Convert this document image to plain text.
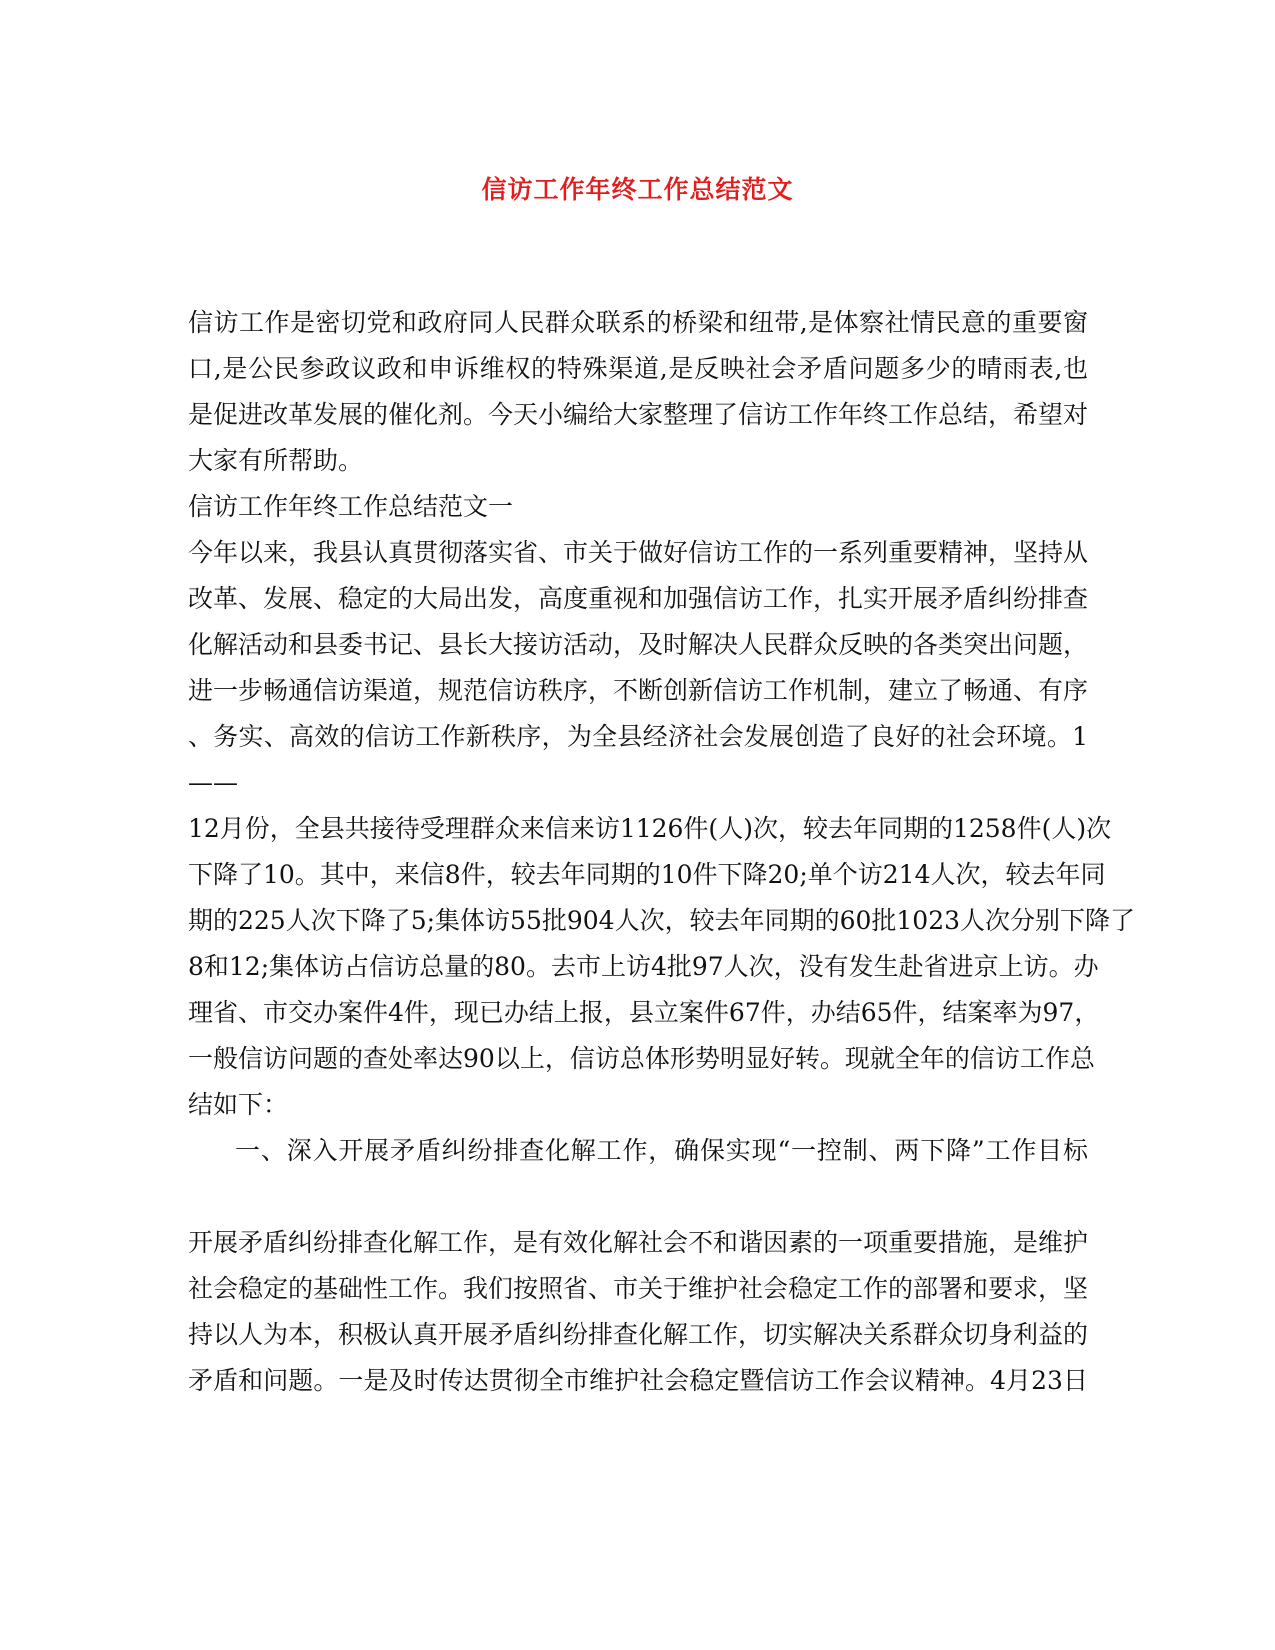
信访工作年终工作总结范文
信访工作是密切党和政府同人民群众联系的桥梁和纽带,是体察社情民意的重要窗
口,是公民参政议政和申诉维权的特殊渠道,是反映社会矛盾问题多少的晴雨表,也
是促进改革发展的催化剂。今天小编给大家整理了信访工作年终工作总结，希望对
大家有所帮助。
信访工作年终工作总结范文一
今年以来，我县认真贯彻落实省、市关于做好信访工作的一系列重要精神，坚持从
改革、发展、稳定的大局出发，高度重视和加强信访工作，扎实开展矛盾纠纷排查
化解活动和县委书记、县长大接访活动，及时解决人民群众反映的各类突出问题，
进一步畅通信访渠道，规范信访秩序，不断创新信访工作机制，建立了畅通、有序
、务实、高效的信访工作新秩序，为全县经济社会发展创造了良好的社会环境。1
——
12月份，全县共接待受理群众来信来访1126件(人)次，较去年同期的1258件(人)次
下降了10。其中，来信8件，较去年同期的10件下降20;单个访214人次，较去年同
期的225人次下降了5;集体访55批904人次，较去年同期的60批1023人次分别下降了
8和12;集体访占信访总量的80。去市上访4批97人次，没有发生赴省进京上访。办
理省、市交办案件4件，现已办结上报，县立案件67件，办结65件，结案率为97，
一般信访问题的查处率达90以上，信访总体形势明显好转。现就全年的信访工作总
结如下：
一、深入开展矛盾纠纷排查化解工作，确保实现“一控制、两下降”工作目标
开展矛盾纠纷排查化解工作，是有效化解社会不和谐因素的一项重要措施，是维护
社会稳定的基础性工作。我们按照省、市关于维护社会稳定工作的部署和要求，坚
持以人为本，积极认真开展矛盾纠纷排查化解工作，切实解决关系群众切身利益的
矛盾和问题。一是及时传达贯彻全市维护社会稳定暨信访工作会议精神。4月23日
